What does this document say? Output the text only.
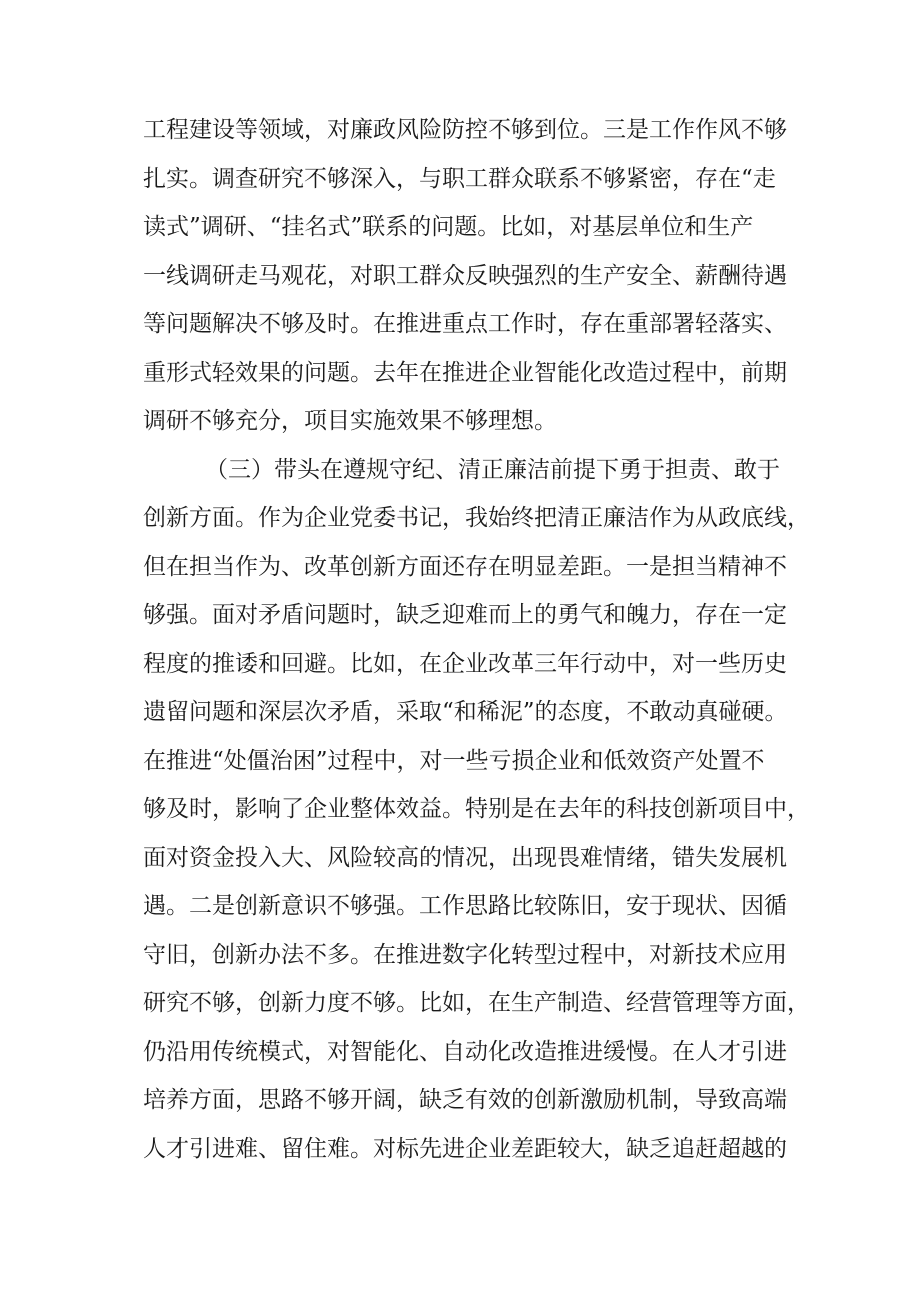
工程建设等领域，对廉政风险防控不够到位。三是工作作风不够
扎实。调查研究不够深入，与职工群众联系不够紧密，存在“走
读式”调研、“挂名式”联系的问题。比如，对基层单位和生产
一线调研走马观花，对职工群众反映强烈的生产安全、薪酬待遇
等问题解决不够及时。在推进重点工作时，存在重部署轻落实、
重形式轻效果的问题。去年在推进企业智能化改造过程中，前期
调研不够充分，项目实施效果不够理想。
（三）带头在遵规守纪、清正廉洁前提下勇于担责、敢于
创新方面。作为企业党委书记，我始终把清正廉洁作为从政底线，
但在担当作为、改革创新方面还存在明显差距。一是担当精神不
够强。面对矛盾问题时，缺乏迎难而上的勇气和魄力，存在一定
程度的推诿和回避。比如，在企业改革三年行动中，对一些历史
遗留问题和深层次矛盾，采取“和稀泥”的态度，不敢动真碰硬。
在推进“处僵治困”过程中，对一些亏损企业和低效资产处置不
够及时，影响了企业整体效益。特别是在去年的科技创新项目中，
面对资金投入大、风险较高的情况，出现畏难情绪，错失发展机
遇。二是创新意识不够强。工作思路比较陈旧，安于现状、因循
守旧，创新办法不多。在推进数字化转型过程中，对新技术应用
研究不够，创新力度不够。比如，在生产制造、经营管理等方面，
仍沿用传统模式，对智能化、自动化改造推进缓慢。在人才引进
培养方面，思路不够开阔，缺乏有效的创新激励机制，导致高端
人才引进难、留住难。对标先进企业差距较大，缺乏追赶超越的
